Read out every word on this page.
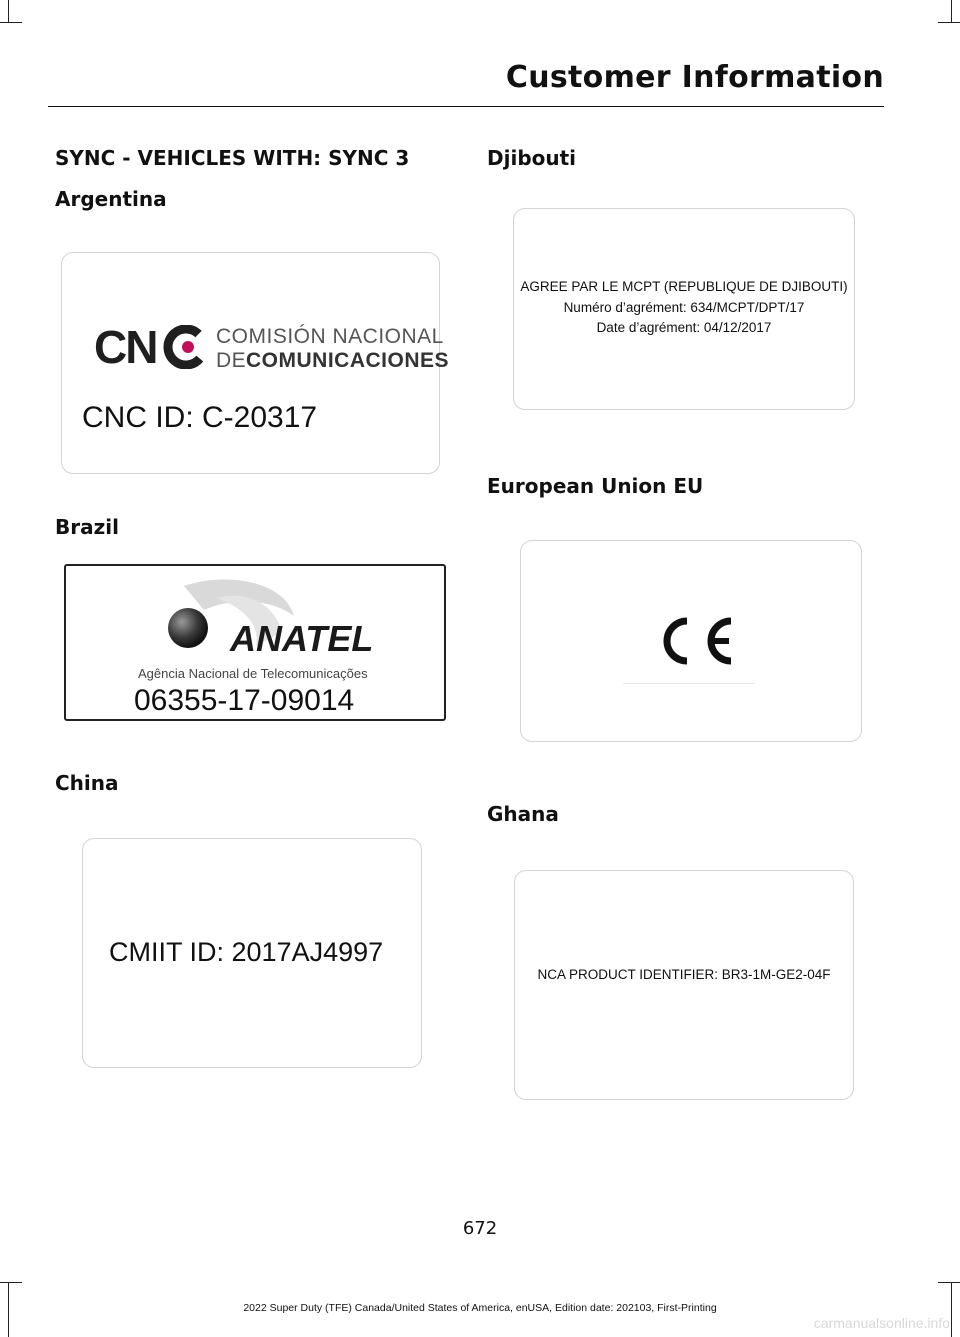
Customer Information
SYNC - VEHICLES WITH: SYNC 3
Argentina
CN	COMISIÓN NACIONAL
DE COMUNICACIONES
CNC ID: C-20317
Brazil
ANATEL
Agência Nacional de Telecomunicações
06355-17-09014
China
CMIIT ID: 2017AJ4997
Djibouti
AGREE PAR LE MCPT (REPUBLIQUE DE DJIBOUTI)
Numéro d’agrément: 634/MCPT/DPT/17
Date d’agrément: 04/12/2017
European Union EU
Ghana
NCA PRODUCT IDENTIFIER: BR3-1M-GE2-04F
672
2022 Super Duty (TFE) Canada/United States of America, enUSA, Edition date: 202103, First-Printing
carmanualsonline.info
